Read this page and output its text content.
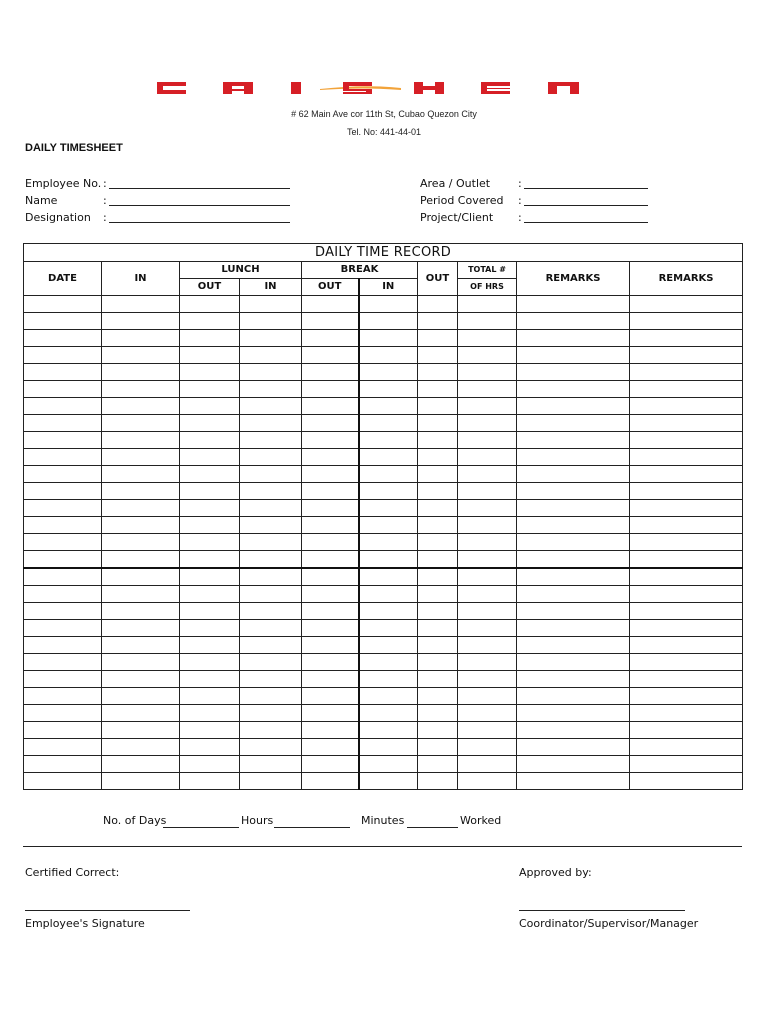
# 62 Main Ave cor 11th St, Cubao Quezon City
Tel. No: 441-44-01
DAILY TIMESHEET
Employee No. :
Name	:
Designation :
Area / Outlet	:
Period Covered :
Project/Client :
DAILY TIME RECORD									
DATE	IN	LUNCH		BREAK		OUT	TOTAL #	REMARKS	REMARKS
		OUT	IN	OUT	IN		OF HRS		

No. of Days	Hours	Minutes	Worked
Certified Correct:	Approved by:
Employee's Signature	Coordinator/Supervisor/Manager
